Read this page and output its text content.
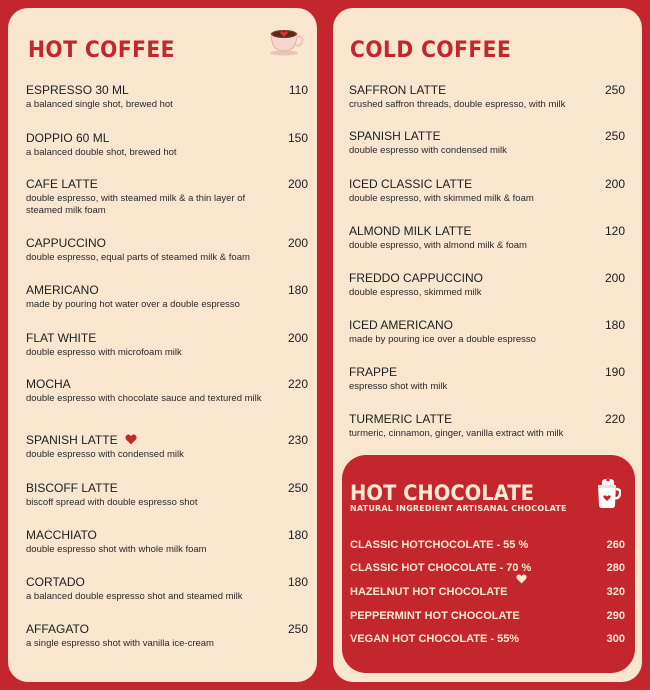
HOT COFFEE
ESPRESSO 30 ML
a balanced single shot, brewed hot
110
DOPPIO 60 ML
a balanced double shot, brewed hot
150
CAFE LATTE
double espresso, with steamed milk & a thin layer of steamed milk foam
200
CAPPUCCINO
double espresso, equal parts of steamed milk & foam
200
AMERICANO
made by pouring hot water over a double espresso
180
FLAT WHITE
double espresso with microfoam milk
200
MOCHA
double espresso with chocolate sauce and textured milk
220
SPANISH LATTE
double espresso with condensed milk
230
BISCOFF LATTE
biscoff spread with double espresso shot
250
MACCHIATO
double espresso shot with whole milk foam
180
CORTADO
a balanced double espresso shot and steamed milk
180
AFFAGATO
a single espresso shot with vanilla ice-cream
250
COLD COFFEE
SAFFRON LATTE
crushed saffron threads, double espresso, with milk
250
SPANISH LATTE
double espresso with condensed milk
250
ICED CLASSIC LATTE
double espresso, with skimmed milk & foam
200
ALMOND MILK LATTE
double espresso, with almond milk & foam
120
FREDDO CAPPUCCINO
double espresso, skimmed milk
200
ICED AMERICANO
made by pouring ice over a double espresso
180
FRAPPE
espresso shot with milk
190
TURMERIC LATTE
turmeric, cinnamon, ginger, vanilla extract with milk
220
HOT CHOCOLATE
NATURAL INGREDIENT ARTISANAL CHOCOLATE
CLASSIC HOTCHOCOLATE - 55 %	260
CLASSIC HOT CHOCOLATE - 70 %	280
HAZELNUT HOT CHOCOLATE	320
PEPPERMINT HOT CHOCOLATE	290
VEGAN HOT CHOCOLATE - 55%	300
